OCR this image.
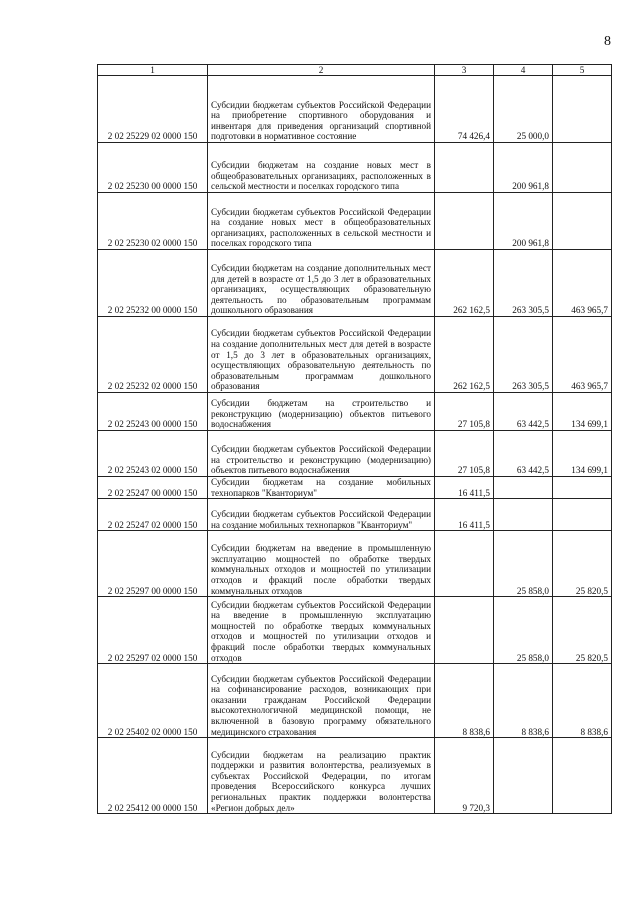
8
1	2	3	4	5
2 02 25229 02 0000 150	Субсидии бюджетам субъектов Российской Федерации на приобретение спортивного оборудования и инвентаря для приведения организаций спортивной подготовки в нормативное состояние	74 426,4	25 000,0	
2 02 25230 00 0000 150	Субсидии бюджетам на создание новых мест в общеобразовательных организациях, расположенных в сельской местности и поселках городского типа		200 961,8	
2 02 25230 02 0000 150	Субсидии бюджетам субъектов Российской Федерации на создание новых мест в общеобразовательных организациях, расположенных в сельской местности и поселках городского типа		200 961,8	
2 02 25232 00 0000 150	Субсидии бюджетам на создание дополнительных мест для детей в возрасте от 1,5 до 3 лет в образовательных организациях, осуществляющих образовательную деятельность по образовательным программам дошкольного образования	262 162,5	263 305,5	463 965,7
2 02 25232 02 0000 150	Субсидии бюджетам субъектов Российской Федерации на создание дополнительных мест для детей в возрасте от 1,5 до 3 лет в образовательных организациях, осуществляющих образовательную деятельность по образовательным программам дошкольного образования	262 162,5	263 305,5	463 965,7
2 02 25243 00 0000 150	Субсидии бюджетам на строительство и реконструкцию (модернизацию) объектов питьевого водоснабжения	27 105,8	63 442,5	134 699,1
2 02 25243 02 0000 150	Субсидии бюджетам субъектов Российской Федерации на строительство и реконструкцию (модернизацию) объектов питьевого водоснабжения	27 105,8	63 442,5	134 699,1
2 02 25247 00 0000 150	Субсидии бюджетам на создание мобильных технопарков "Кванториум"	16 411,5		
2 02 25247 02 0000 150	Субсидии бюджетам субъектов Российской Федерации на создание мобильных технопарков "Кванториум"	16 411,5		
2 02 25297 00 0000 150	Субсидии бюджетам на введение в промышленную эксплуатацию мощностей по обработке твердых коммунальных отходов и мощностей по утилизации отходов и фракций после обработки твердых коммунальных отходов		25 858,0	25 820,5
2 02 25297 02 0000 150	Субсидии бюджетам субъектов Российской Федерации на введение в промышленную эксплуатацию мощностей по обработке твердых коммунальных отходов и мощностей по утилизации отходов и фракций после обработки твердых коммунальных отходов		25 858,0	25 820,5
2 02 25402 02 0000 150	Субсидии бюджетам субъектов Российской Федерации на софинансирование расходов, возникающих при оказании гражданам Российской Федерации высокотехнологичной медицинской помощи, не включенной в базовую программу обязательного медицинского страхования	8 838,6	8 838,6	8 838,6
2 02 25412 00 0000 150	Субсидии бюджетам на реализацию практик поддержки и развития волонтерства, реализуемых в субъектах Российской Федерации, по итогам проведения Всероссийского конкурса лучших региональных практик поддержки волонтерства «Регион добрых дел»	9 720,3		
